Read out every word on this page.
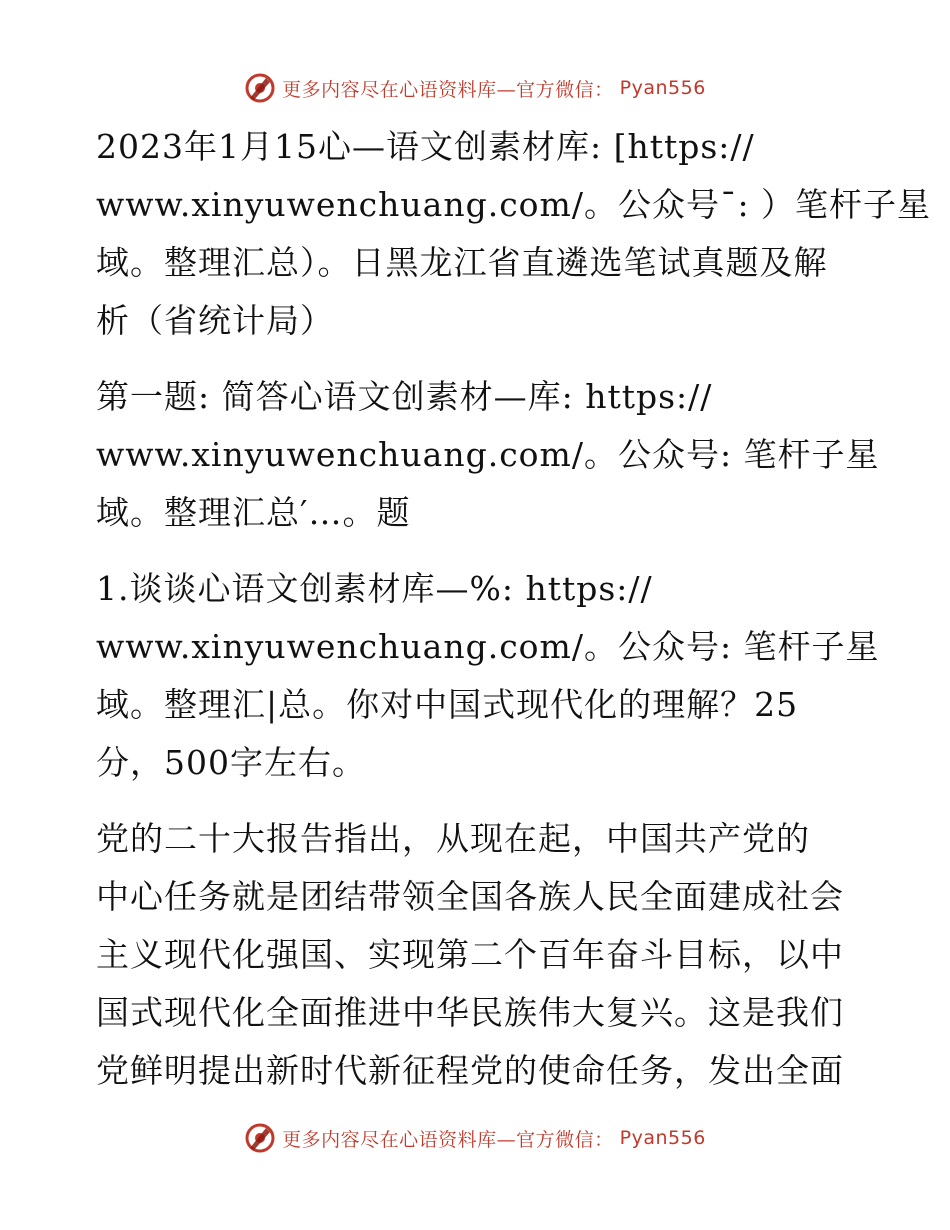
更多内容尽在心语资料库—官方微信： Pyan556

2023年1月15心—语文创素材库: [https://
www.xinyuwenchuang.com/。公众号¯: ）笔杆子星
域。整理汇总）。日黑龙江省直遴选笔试真题及解
析（省统计局）

第一题: 简答心语文创素材—库: https://
www.xinyuwenchuang.com/。公众号: 笔杆子星
域。整理汇总′…。题

1.谈谈心语文创素材库—%: https://
www.xinyuwenchuang.com/。公众号: 笔杆子星
域。整理汇|总。你对中国式现代化的理解？25
分，500字左右。

党的二十大报告指出，从现在起，中国共产党的
中心任务就是团结带领全国各族人民全面建成社会
主义现代化强国、实现第二个百年奋斗目标，以中
国式现代化全面推进中华民族伟大复兴。这是我们
党鲜明提出新时代新征程党的使命任务，发出全面

更多内容尽在心语资料库—官方微信： Pyan556
